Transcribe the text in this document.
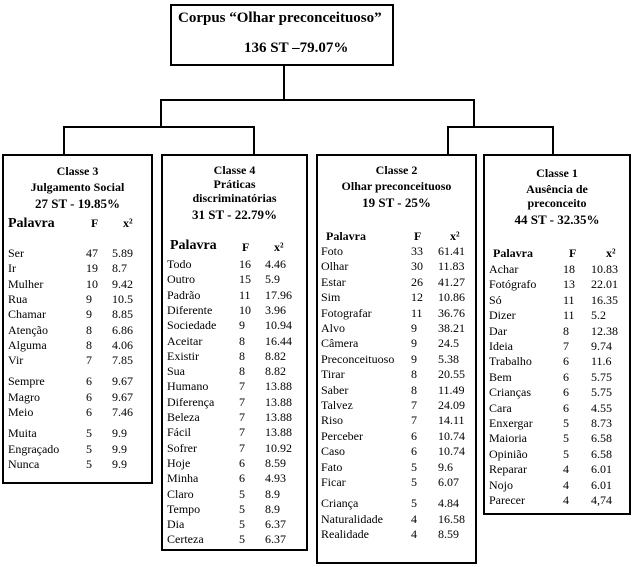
Corpus “Olhar preconceituoso”
136 ST –79.07%
Classe 3
Julgamento Social
27 ST - 19.85%
Palavra	F x²
Ser	47 5.89
Ir	19 8.7
Mulher	10 9.42
Rua	9 10.5
Chamar	9 8.85
Atenção	8 6.86
Alguma	8 4.06
Vir	7 7.85
Sempre	6 9.67
Magro	6 9.67
Meio	6 7.46
Muita	5 9.9
Engraçado 5 9.9
Nunca	5 9.9
Classe 4
Práticas
discriminatórias
31 ST - 22.79%
Palavra F x²
Todo	16 4.46
Outro	15 5.9
Padrão	11 17.96
Diferente 10 3.96
Sociedade 9 10.94
Aceitar	8 16.44
Existir	8 8.82
Sua	8 8.82
Humano	7 13.88
Diferença 7 13.88
Beleza	7 13.88
Fácil	7 13.88
Sofrer	7 10.92
Hoje	6 8.59
Minha	6 4.93
Claro	5 8.9
Tempo	5 8.9
Dia	5 6.37
Certeza	5 6.37
Classe 2
Olhar preconceituoso
19 ST - 25%
Palavra	F x²
Foto	33 61.41
Olhar	30 11.83
Estar	26 41.27
Sim	12 10.86
Fotografar	11 36.76
Alvo	9 38.21
Câmera	9 24.5
Preconceituoso 9 5.38
Tirar	8 20.55
Saber	8 11.49
Talvez	7 24.09
Riso	7 14.11
Perceber	6 10.74
Caso	6 10.74
Fato	5 9.6
Ficar	5 6.07
Criança	5 4.84
Naturalidade 4 16.58
Realidade	4 8.59
Classe 1
Ausência de
preconceito
44 ST - 32.35%
Palavra	F x²
Achar	18 10.83
Fotógrafo 13 22.01
Só	11 16.35
Dizer	11 5.2
Dar	8 12.38
Ideia	7 9.74
Trabalho	6 11.6
Bem	6 5.75
Crianças	6 5.75
Cara	6 4.55
Enxergar	5 8.73
Maioria	5 6.58
Opinião	5 6.58
Reparar	4 6.01
Nojo	4 6.01
Parecer	4 4,74
